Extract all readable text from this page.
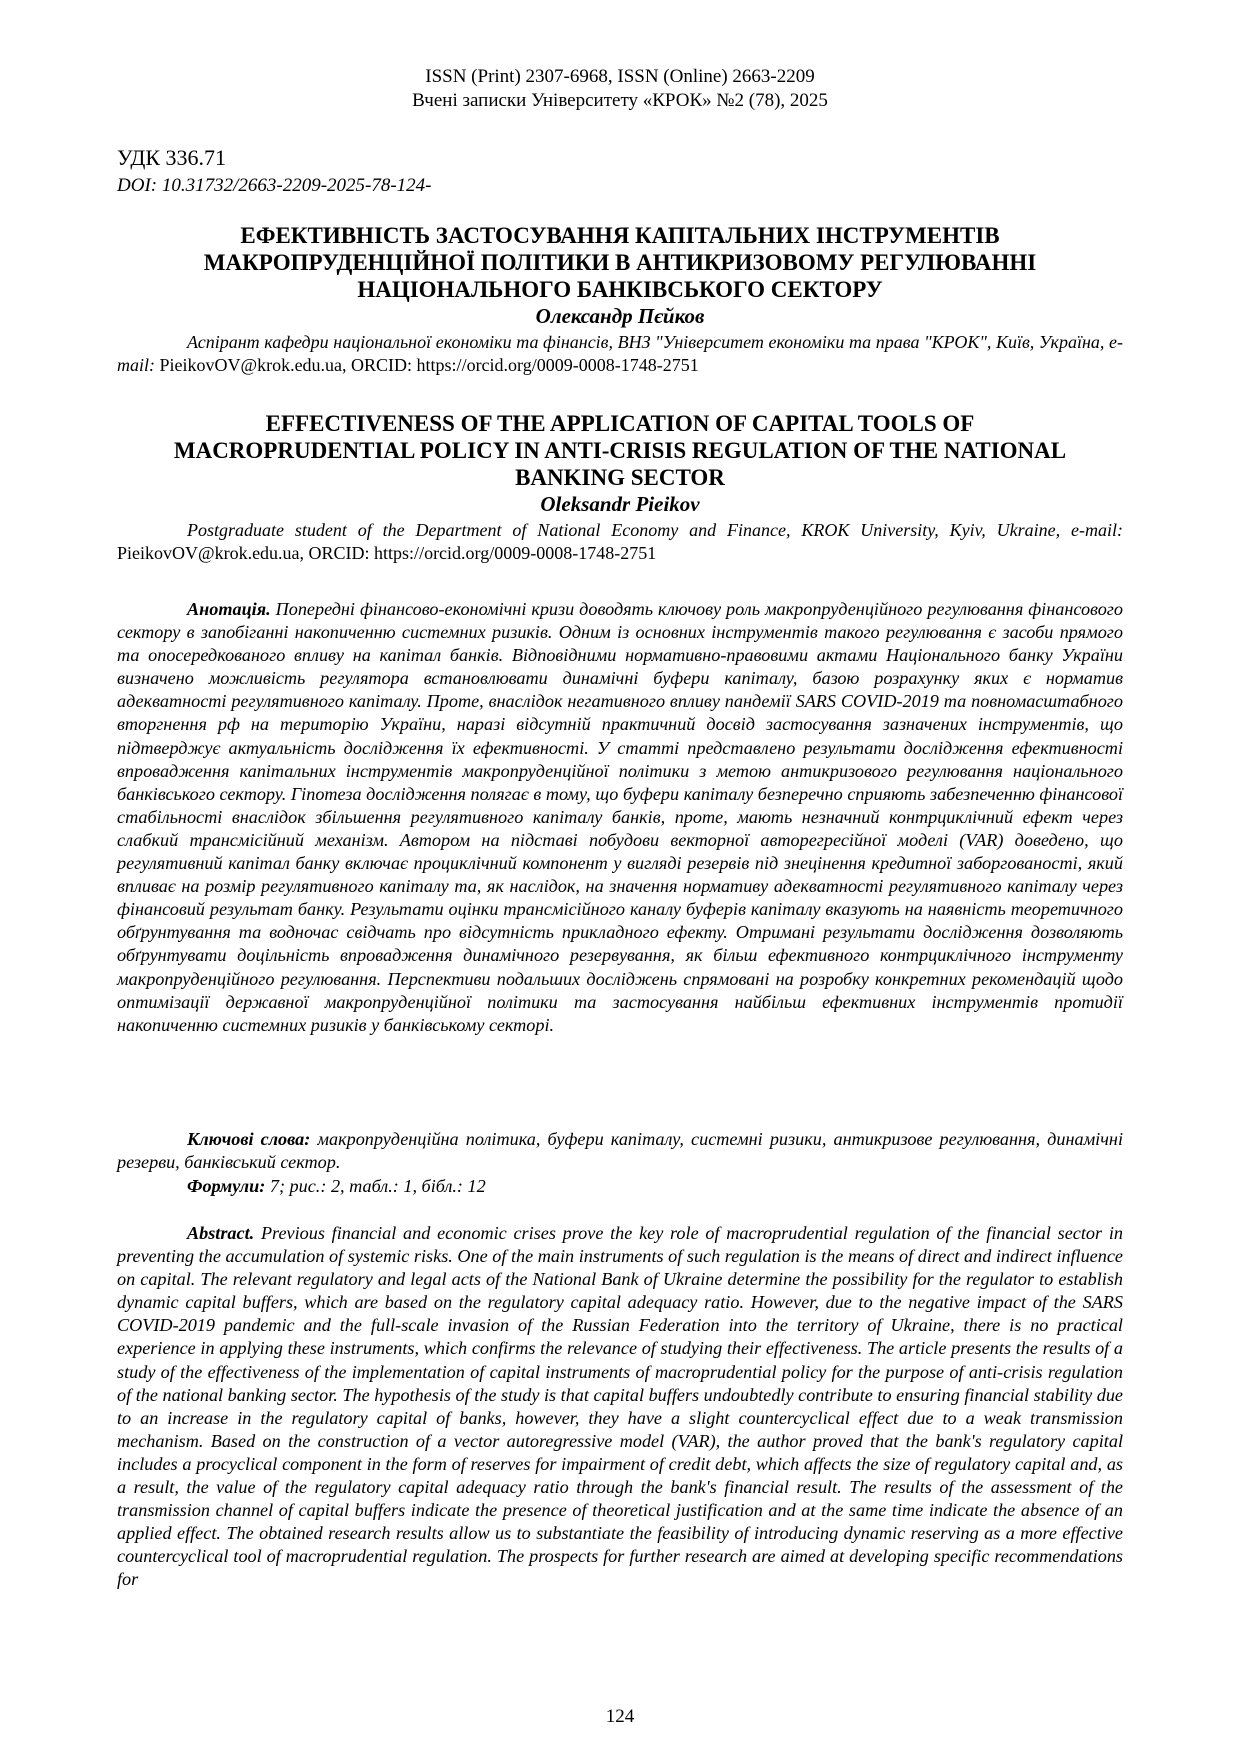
ISSN (Print) 2307-6968, ISSN (Online) 2663-2209
Вчені записки Університету «КРОК» №2 (78), 2025
УДК 336.71
DOI: 10.31732/2663-2209-2025-78-124-
ЕФЕКТИВНІСТЬ ЗАСТОСУВАННЯ КАПІТАЛЬНИХ ІНСТРУМЕНТІВ
МАКРОПРУДЕНЦІЙНОЇ ПОЛІТИКИ В АНТИКРИЗОВОМУ РЕГУЛЮВАННІ
НАЦІОНАЛЬНОГО БАНКІВСЬКОГО СЕКТОРУ
Олександр Пєйков
Аспірант кафедри національної економіки та фінансів, ВНЗ "Університет економіки та права "КРОК", Київ, Україна, e-mail: PieikovOV@krok.edu.ua, ORCID: https://orcid.org/0009-0008-1748-2751
EFFECTIVENESS OF THE APPLICATION OF CAPITAL TOOLS OF
MACROPRUDENTIAL POLICY IN ANTI-CRISIS REGULATION OF THE NATIONAL
BANKING SECTOR
Oleksandr Pieikov
Postgraduate student of the Department of National Economy and Finance, KROK University, Kyiv, Ukraine, e-mail: PieikovOV@krok.edu.ua, ORCID: https://orcid.org/0009-0008-1748-2751

Анотація. Попередні фінансово-економічні кризи доводять ключову роль макропруденційного регулювання фінансового сектору в запобіганні накопиченню системних ризиків. Одним із основних інструментів такого регулювання є засоби прямого та опосередкованого впливу на капітал банків. Відповідними нормативно-правовими актами Національного банку України визначено можливість регулятора встановлювати динамічні буфери капіталу, базою розрахунку яких є норматив адекватності регулятивного капіталу. Проте, внаслідок негативного впливу пандемії SARS COVID-2019 та повномасштабного вторгнення рф на територію України, наразі відсутній практичний досвід застосування зазначених інструментів, що підтверджує актуальність дослідження їх ефективності. У статті представлено результати дослідження ефективності впровадження капітальних інструментів макропруденційної політики з метою антикризового регулювання національного банківського сектору. Гіпотеза дослідження полягає в тому, що буфери капіталу безперечно сприяють забезпеченню фінансової стабільності внаслідок збільшення регулятивного капіталу банків, проте, мають незначний контрциклічний ефект через слабкий трансмісійний механізм. Автором на підставі побудови векторної авторегресійної моделі (VAR) доведено, що регулятивний капітал банку включає проциклічний компонент у вигляді резервів під знецінення кредитної заборгованості, який впливає на розмір регулятивного капіталу та, як наслідок, на значення нормативу адекватності регулятивного капіталу через фінансовий результат банку. Результати оцінки трансмісійного каналу буферів капіталу вказують на наявність теоретичного обґрунтування та водночас свідчать про відсутність прикладного ефекту. Отримані результати дослідження дозволяють обґрунтувати доцільність впровадження динамічного резервування, як більш ефективного контрциклічного інструменту макропруденційного регулювання. Перспективи подальших досліджень спрямовані на розробку конкретних рекомендацій щодо оптимізації державної макропруденційної політики та застосування найбільш ефективних інструментів протидії накопиченню системних ризиків у банківському секторі.

Ключові слова: макропруденційна політика, буфери капіталу, системні ризики, антикризове регулювання, динамічні резерви, банківський сектор.
Формули: 7; рис.: 2, табл.: 1, бібл.: 12

Abstract. Previous financial and economic crises prove the key role of macroprudential regulation of the financial sector in preventing the accumulation of systemic risks. One of the main instruments of such regulation is the means of direct and indirect influence on capital. The relevant regulatory and legal acts of the National Bank of Ukraine determine the possibility for the regulator to establish dynamic capital buffers, which are based on the regulatory capital adequacy ratio. However, due to the negative impact of the SARS COVID-2019 pandemic and the full-scale invasion of the Russian Federation into the territory of Ukraine, there is no practical experience in applying these instruments, which confirms the relevance of studying their effectiveness. The article presents the results of a study of the effectiveness of the implementation of capital instruments of macroprudential policy for the purpose of anti-crisis regulation of the national banking sector. The hypothesis of the study is that capital buffers undoubtedly contribute to ensuring financial stability due to an increase in the regulatory capital of banks, however, they have a slight countercyclical effect due to a weak transmission mechanism. Based on the construction of a vector autoregressive model (VAR), the author proved that the bank's regulatory capital includes a procyclical component in the form of reserves for impairment of credit debt, which affects the size of regulatory capital and, as a result, the value of the regulatory capital adequacy ratio through the bank's financial result. The results of the assessment of the transmission channel of capital buffers indicate the presence of theoretical justification and at the same time indicate the absence of an applied effect. The obtained research results allow us to substantiate the feasibility of introducing dynamic reserving as a more effective countercyclical tool of macroprudential regulation. The prospects for further research are aimed at developing specific recommendations for

124
